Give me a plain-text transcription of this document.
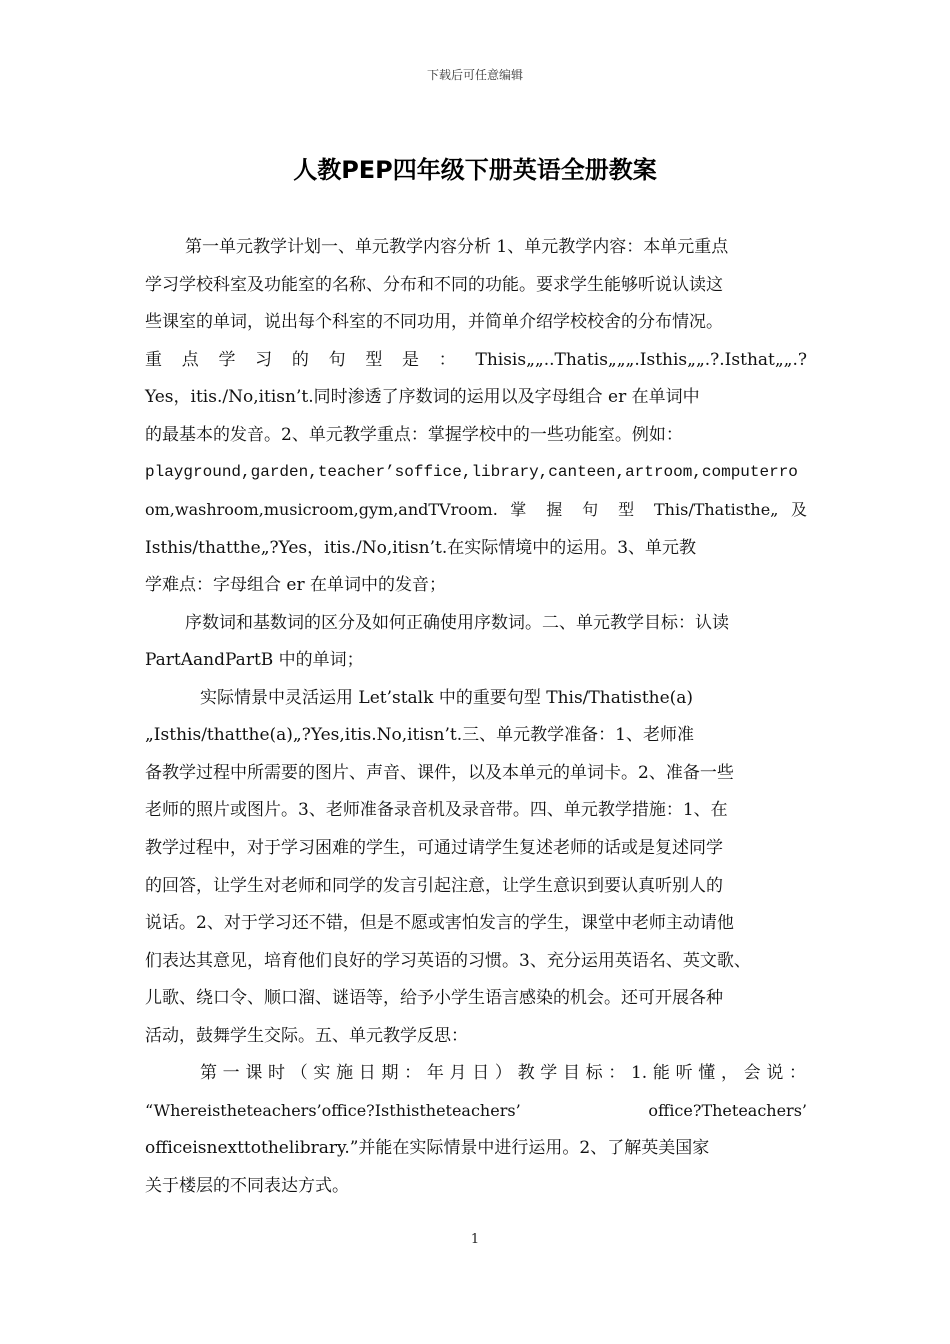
下载后可任意编辑
人教PEP四年级下册英语全册教案
第一单元教学计划一、单元教学内容分析 1、单元教学内容：本单元重点
学习学校科室及功能室的名称、分布和不同的功能。要求学生能够听说认读这
些课室的单词，说出每个科室的不同功用，并简单介绍学校校舍的分布情况。
重 点 学 习 的 句 型 是 ： Thisis„„..Thatis„„„.Isthis„„.?.Isthat„„.?
Yes，itis./No,itisn’t.同时渗透了序数词的运用以及字母组合 er 在单词中
的最基本的发音。2、单元教学重点：掌握学校中的一些功能室。例如：
playground,garden,teacher’soffice,library,canteen,artroom,computerro
om,washroom,musicroom,gym,andTVroom. 掌 握 句 型 This/Thatisthe„ 及
Isthis/thatthe„?Yes，itis./No,itisn’t.在实际情境中的运用。3、单元教
学难点：字母组合 er 在单词中的发音；
序数词和基数词的区分及如何正确使用序数词。二、单元教学目标：认读
PartAandPartB 中的单词；
实际情景中灵活运用 Let’stalk 中的重要句型 This/Thatisthe(a)
„Isthis/thatthe(a)„?Yes,itis.No,itisn’t.三、单元教学准备：1、老师准
备教学过程中所需要的图片、声音、课件，以及本单元的单词卡。2、准备一些
老师的照片或图片。3、老师准备录音机及录音带。四、单元教学措施：1、在
教学过程中，对于学习困难的学生，可通过请学生复述老师的话或是复述同学
的回答，让学生对老师和同学的发言引起注意，让学生意识到要认真听别人的
说话。2、对于学习还不错，但是不愿或害怕发言的学生，课堂中老师主动请他
们表达其意见，培育他们良好的学习英语的习惯。3、充分运用英语名、英文歌、
儿歌、绕口令、顺口溜、谜语等，给予小学生语言感染的机会。还可开展各种
活动，鼓舞学生交际。五、单元教学反思：
第一课时（实施日期：年月日）教学目标：1.能听懂，会说：
“Whereistheteachers’office?Isthistheteachers’ office?Theteachers’
officeisnexttothelibrary.”并能在实际情景中进行运用。2、了解英美国家
关于楼层的不同表达方式。
1
